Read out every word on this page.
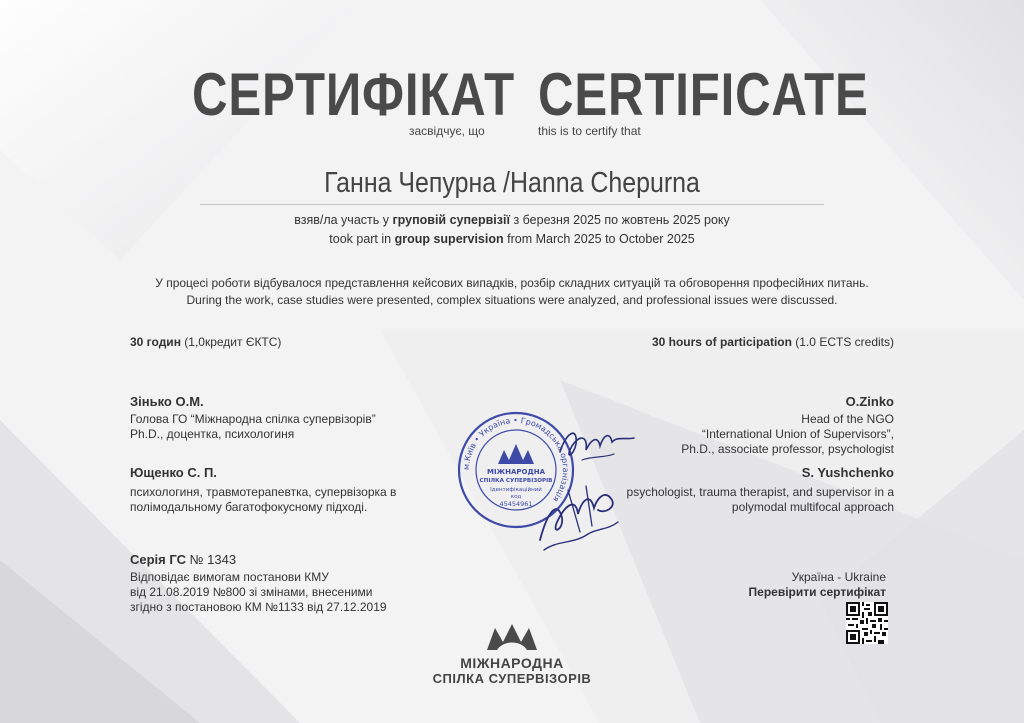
СЕРТИФІКАТ CERTIFICATE
засвідчує, що	this is to certify that
Ганна Чепурна /Hanna Chepurna
взяв/ла участь у груповій супервізії з березня 2025 по жовтень 2025 року
took part in group supervision from March 2025 to October 2025
У процесі роботи відбувалося представлення кейсових випадків, розбір складних ситуацій та обговорення професійних питань.
During the work, case studies were presented, complex situations were analyzed, and professional issues were discussed.
30 годин (1,0кредит ЄКТС)	30 hours of participation (1.0 ECTS credits)
Зінько О.М.
Голова ГО “Міжнародна спілка супервізорів”
Ph.D., доцентка, психологиня
O.Zinko
Head of the NGO
“International Union of Supervisors”,
Ph.D., associate professor, psychologist
Ющенко С. П.
психологиня, травмотерапевтка, супервізорка в
полімодальному багатофокусному підході.
S. Yushchenko
psychologist, trauma therapist, and supervisor in a
polymodal multifocal approach
м.Київ • Україна • Громадська організація
МІЖНАРОДНА
СПІЛКА СУПЕРВІЗОРІВ
Ідентифікаційний
код
45454961
Серія ГС № 1343
Відповідає вимогам постанови КМУ
від 21.08.2019 №800 зі змінами, внесеними
згідно з постановою КМ №1133 від 27.12.2019
Україна - Ukraine
Перевірити сертифікат
МІЖНАРОДНА
СПІЛКА СУПЕРВІЗОРІВ
